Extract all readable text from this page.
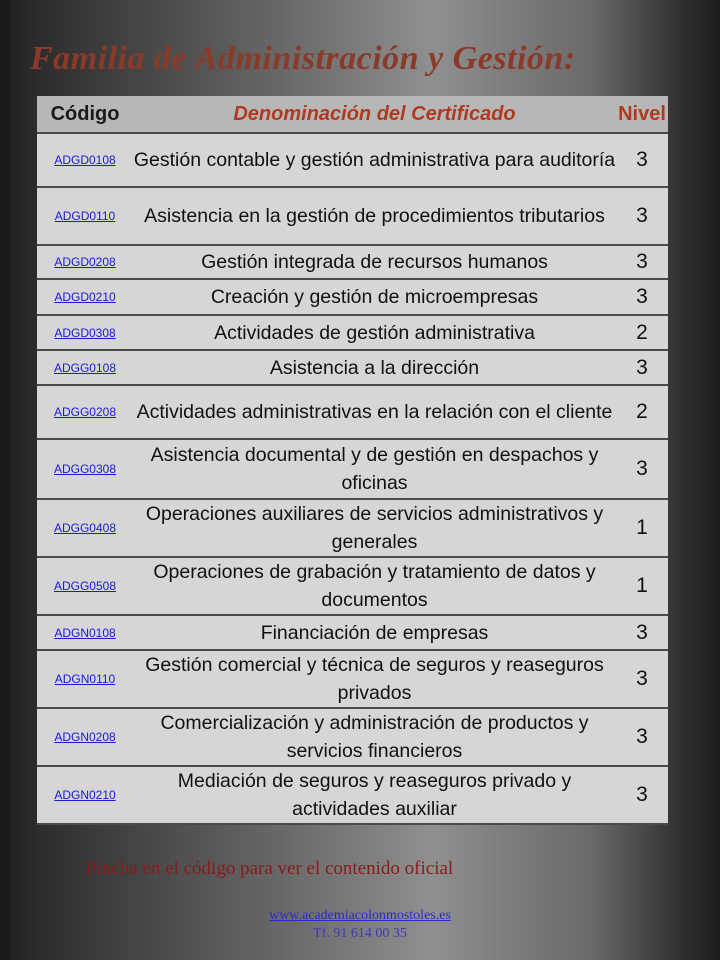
Familia de Administración y Gestión:
Código	Denominación del Certificado	Nivel
ADGD0108	Gestión contable y gestión administrativa para auditoría	3
ADGD0110	Asistencia en la gestión de procedimientos tributarios	3
ADGD0208	Gestión integrada de recursos humanos	3
ADGD0210	Creación y gestión de microempresas	3
ADGD0308	Actividades de gestión administrativa	2
ADGG0108	Asistencia a la dirección	3
ADGG0208	Actividades administrativas en la relación con el cliente	2
ADGG0308	Asistencia documental y de gestión en despachos y oficinas	3
ADGG0408	Operaciones auxiliares de servicios administrativos y generales	1
ADGG0508	Operaciones de grabación y tratamiento de datos y documentos	1
ADGN0108	Financiación de empresas	3
ADGN0110	Gestión comercial y técnica de seguros y reaseguros privados	3
ADGN0208	Comercialización y administración de productos y servicios financieros	3
ADGN0210	Mediación de seguros y reaseguros privado y actividades auxiliar	3

Pincha en el código para ver el contenido oficial

www.academiacolonmostoles.es
Tf. 91 614 00 35
